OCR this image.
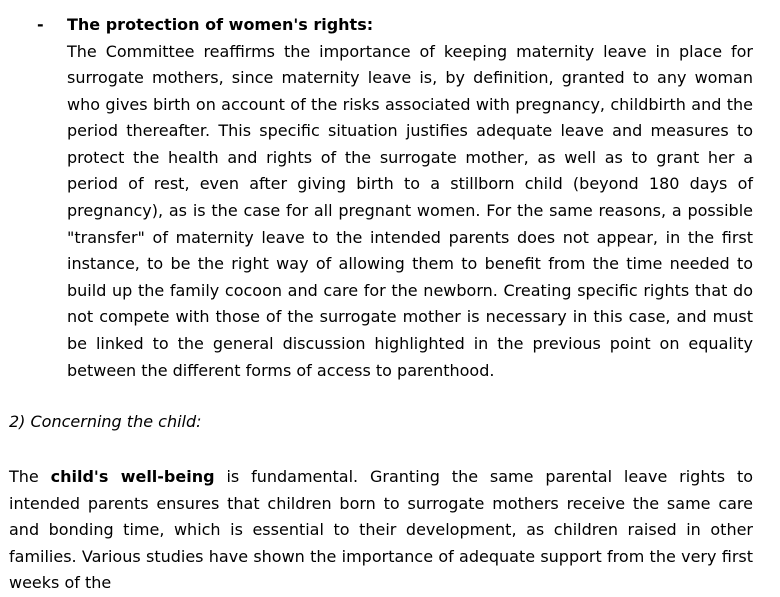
- The protection of women's rights:

The Committee reaffirms the importance of keeping maternity leave in place for surrogate mothers, since maternity leave is, by definition, granted to any woman who gives birth on account of the risks associated with pregnancy, childbirth and the period thereafter. This specific situation justifies adequate leave and measures to protect the health and rights of the surrogate mother, as well as to grant her a period of rest, even after giving birth to a stillborn child (beyond 180 days of pregnancy), as is the case for all pregnant women. For the same reasons, a possible "transfer" of maternity leave to the intended parents does not appear, in the first instance, to be the right way of allowing them to benefit from the time needed to build up the family cocoon and care for the newborn. Creating specific rights that do not compete with those of the surrogate mother is necessary in this case, and must be linked to the general discussion highlighted in the previous point on equality between the different forms of access to parenthood.

2) Concerning the child:

The child's well-being is fundamental. Granting the same parental leave rights to intended parents ensures that children born to surrogate mothers receive the same care and bonding time, which is essential to their development, as children raised in other families. Various studies have shown the importance of adequate support from the very first weeks of the
